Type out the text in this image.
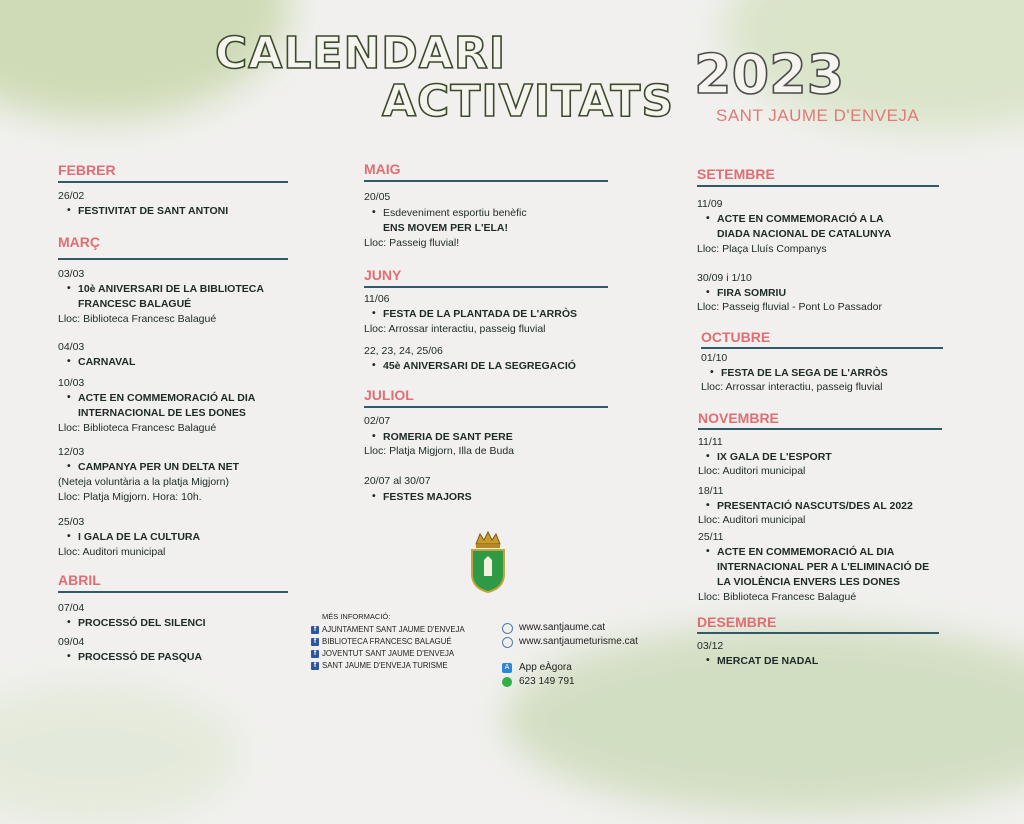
CALENDARI
ACTIVITATS 2023
SANT JAUME D'ENVEJA
FEBRER
26/02
• FESTIVITAT DE SANT ANTONI
MARÇ
03/03
• 10è ANIVERSARI DE LA BIBLIOTECA
FRANCESC BALAGUÉ
Lloc: Biblioteca Francesc Balagué
04/03
• CARNAVAL
10/03
• ACTE EN COMMEMORACIÓ AL DIA
INTERNACIONAL DE LES DONES
Lloc: Biblioteca Francesc Balagué
12/03
• CAMPANYA PER UN DELTA NET
(Neteja voluntària a la platja Migjorn)
Lloc: Platja Migjorn. Hora: 10h.
25/03
• I GALA DE LA CULTURA
Lloc: Auditori municipal
ABRIL
07/04
• PROCESSÓ DEL SILENCI
09/04
• PROCESSÓ DE PASQUA
MAIG
20/05
• Esdeveniment esportiu benèfic
ENS MOVEM PER L'ELA!
Lloc: Passeig fluvial!
JUNY
11/06
• FESTA DE LA PLANTADA DE L'ARRÒS
Lloc: Arrossar interactiu, passeig fluvial
22, 23, 24, 25/06
• 45è ANIVERSARI DE LA SEGREGACIÓ
JULIOL
02/07
• ROMERIA DE SANT PERE
Lloc: Platja Migjorn, Illa de Buda
20/07 al 30/07
• FESTES MAJORS
MÉS INFORMACIÓ:
f AJUNTAMENT SANT JAUME D'ENVEJA
f BIBLIOTECA FRANCESC BALAGUÉ
f JOVENTUT SANT JAUME D'ENVEJA
f SANT JAUME D'ENVEJA TURISME
www.santjaume.cat
www.santjaumeturisme.cat
A App eÀgora
623 149 791
SETEMBRE
11/09
• ACTE EN COMMEMORACIÓ A LA
DIADA NACIONAL DE CATALUNYA
Lloc: Plaça Lluís Companys
30/09 i 1/10
• FIRA SOMRIU
Lloc: Passeig fluvial - Pont Lo Passador
OCTUBRE
01/10
• FESTA DE LA SEGA DE L'ARRÒS
Lloc: Arrossar interactiu, passeig fluvial
NOVEMBRE
11/11
• IX GALA DE L'ESPORT
Lloc: Auditori municipal
18/11
• PRESENTACIÓ NASCUTS/DES AL 2022
Lloc: Auditori municipal
25/11
• ACTE EN COMMEMORACIÓ AL DIA
INTERNACIONAL PER A L'ELIMINACIÓ DE
LA VIOLÈNCIA ENVERS LES DONES
Lloc: Biblioteca Francesc Balagué
DESEMBRE
03/12
• MERCAT DE NADAL
